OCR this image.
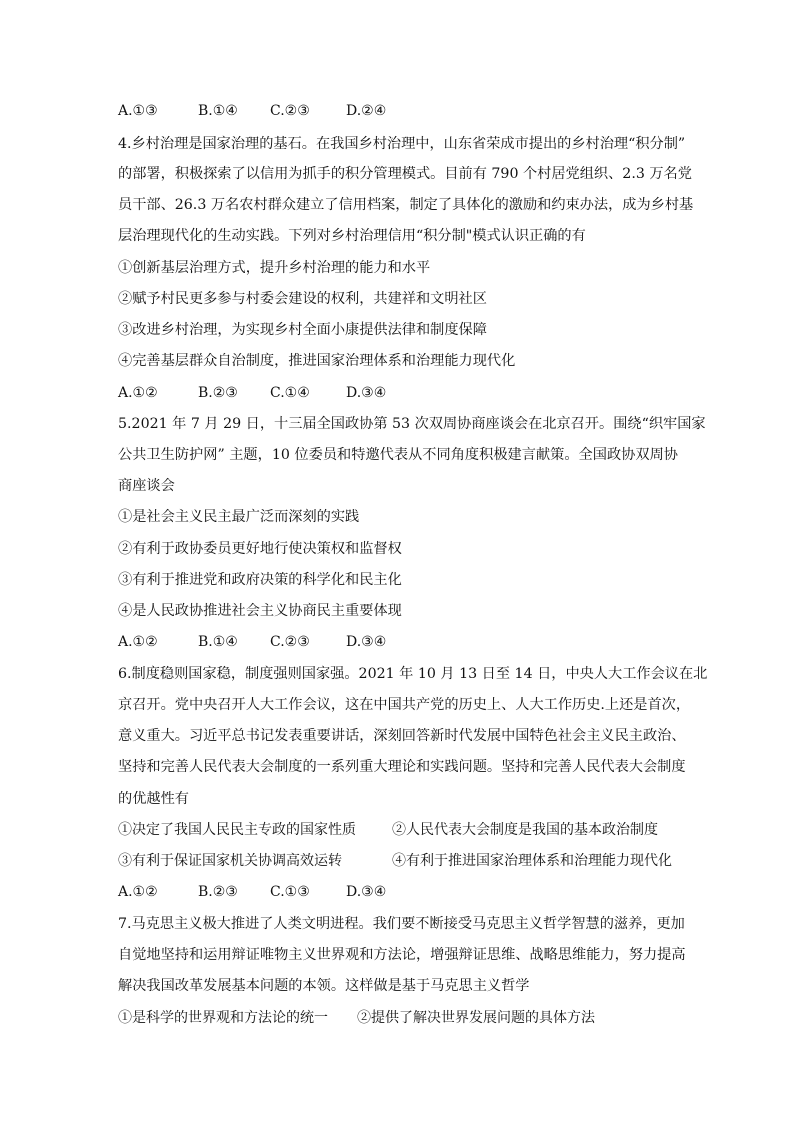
A.①③	B.①④ C.②③	D.②④
4.乡村治理是国家治理的基石。在我国乡村治理中，山东省荣成市提出的乡村治理“积分制”
的部署，积极探索了以信用为抓手的积分管理模式。目前有 790 个村居党组织、2.3 万名党
员干部、26.3 万名农村群众建立了信用档案，制定了具体化的激励和约束办法，成为乡村基
层治理现代化的生动实践。下列对乡村治理信用“积分制"模式认识正确的有
①创新基层治理方式，提升乡村治理的能力和水平
②赋予村民更多参与村委会建设的权利，共建祥和文明社区
③改进乡村治理，为实现乡村全面小康提供法律和制度保障
④完善基层群众自治制度，推进国家治理体系和治理能力现代化
A.①②	B.②③ C.①④	D.③④
5.2021 年 7 月 29 日，十三届全国政协第 53 次双周协商座谈会在北京召开。围绕“织牢国家
公共卫生防护网” 主题，10 位委员和特邀代表从不同角度积极建言献策。全国政协双周协
商座谈会
①是社会主义民主最广泛而深刻的实践
②有利于政协委员更好地行使决策权和监督权
③有利于推进党和政府决策的科学化和民主化
④是人民政协推进社会主义协商民主重要体现
A.①②	B.①④ C.②③	D.③④
6.制度稳则国家稳，制度强则国家强。2021 年 10 月 13 日至 14 日，中央人大工作会议在北
京召开。党中央召开人大工作会议，这在中国共产党的历史上、人大工作历史.上还是首次，
意义重大。习近平总书记发表重要讲话，深刻回答新时代发展中国特色社会主义民主政治、
坚持和完善人民代表大会制度的一系列重大理论和实践问题。坚持和完善人民代表大会制度
的优越性有
①决定了我国人民民主专政的国家性质	②人民代表大会制度是我国的基本政治制度
③有利于保证国家机关协调高效运转	④有利于推进国家治理体系和治理能力现代化
A.①②	B.②③ C.①③	D.③④
7.马克思主义极大推进了人类文明进程。我们要不断接受马克思主义哲学智慧的滋养，更加
自觉地坚持和运用辩证唯物主义世界观和方法论，增强辩证思维、战略思维能力，努力提高
解决我国改革发展基本问题的本领。这样做是基于马克思主义哲学
①是科学的世界观和方法论的统一 ②提供了解决世界发展问题的具体方法
